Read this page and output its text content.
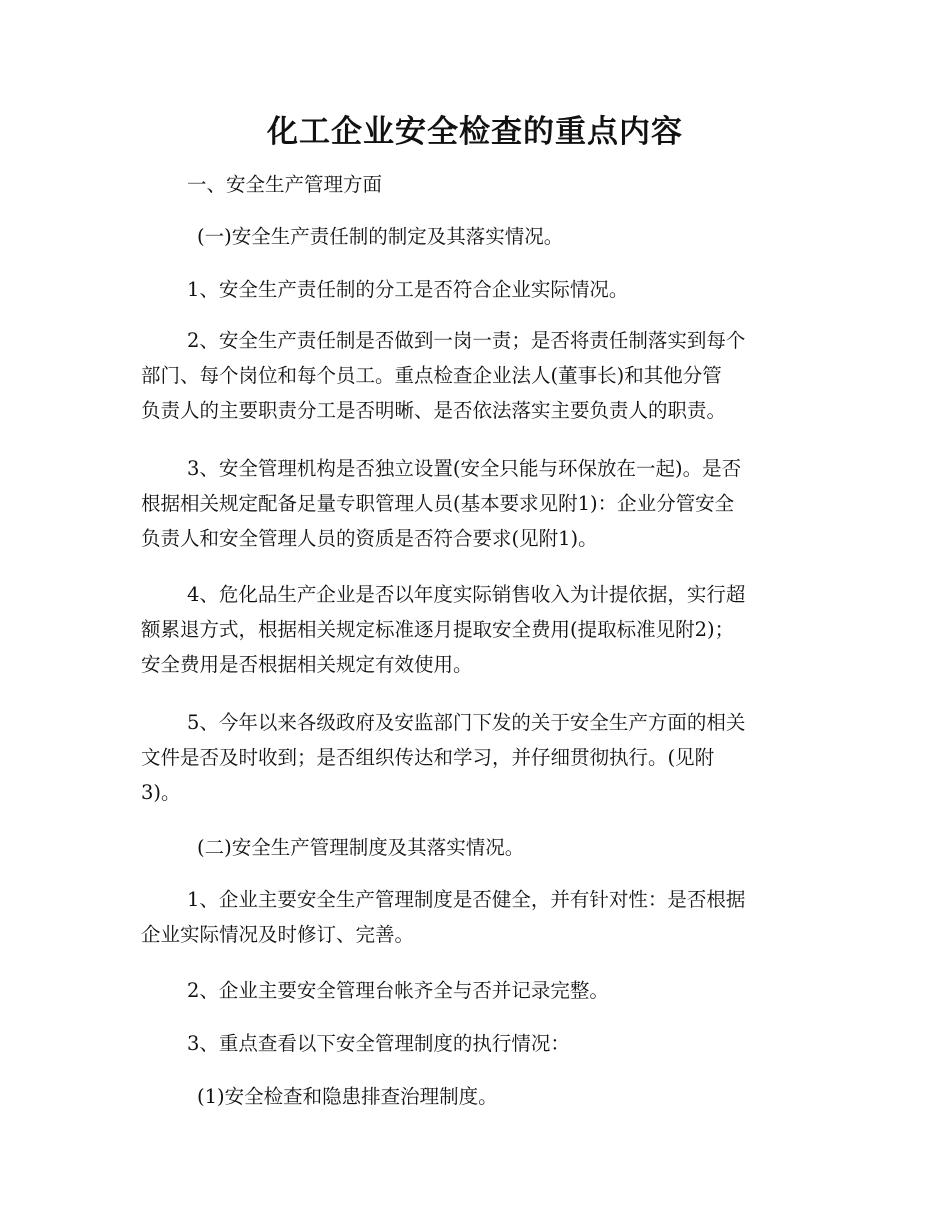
化工企业安全检查的重点内容
一、安全生产管理方面
(一)安全生产责任制的制定及其落实情况。
1、安全生产责任制的分工是否符合企业实际情况。
2、安全生产责任制是否做到一岗一责；是否将责任制落实到每个
部门、每个岗位和每个员工。重点检查企业法人(董事长)和其他分管
负责人的主要职责分工是否明晰、是否依法落实主要负责人的职责。
3、安全管理机构是否独立设置(安全只能与环保放在一起)。是否
根据相关规定配备足量专职管理人员(基本要求见附1)：企业分管安全
负责人和安全管理人员的资质是否符合要求(见附1)。
4、危化品生产企业是否以年度实际销售收入为计提依据，实行超
额累退方式，根据相关规定标准逐月提取安全费用(提取标准见附2)；
安全费用是否根据相关规定有效使用。
5、今年以来各级政府及安监部门下发的关于安全生产方面的相关
文件是否及时收到；是否组织传达和学习，并仔细贯彻执行。(见附
3)。
(二)安全生产管理制度及其落实情况。
1、企业主要安全生产管理制度是否健全，并有针对性：是否根据
企业实际情况及时修订、完善。
2、企业主要安全管理台帐齐全与否并记录完整。
3、重点查看以下安全管理制度的执行情况：
(1)安全检查和隐患排查治理制度。
